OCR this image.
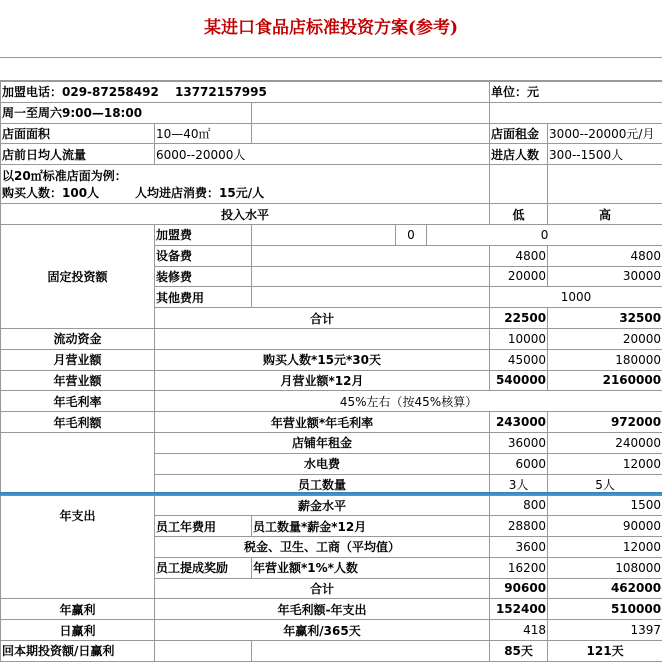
某进口食品店标准投资方案(参考)
加盟电话：029-87258492　 13772157995					单位：元	
周一至周六9:00—18:00						
店面面积	10—40㎡				店面租金	3000--20000元/月
店前日均人流量	6000--20000人				进店人数	300--1500人

以20㎡标准店面为例：
购买人数：100人　　　人均进店消费：15元/人						

投入水平					低	高
固定投资额	加盟费		0	0		
	设备费				4800	4800
	装修费				20000	30000
	其他费用				1000	
	合计				22500	32500
流动资金					10000	20000
月营业额	购买人数*15元*30天				45000	180000
年营业额	月营业额*12月				540000	2160000
年毛利率	45%左右（按45%核算）					
年毛利额	年营业额*年毛利率				243000	972000
年支出	店铺年租金				36000	240000
	水电费				6000	12000
	员工数量				3人	5人
	薪金水平				800	1500
	员工年费用	员工数量*薪金*12月			28800	90000
	税金、卫生、工商（平均值）				3600	12000
	员工提成奖励	年营业额*1%*人数			16200	108000
	合计				90600	462000
年赢利	年毛利额-年支出				152400	510000
日赢利	年赢利/365天				418	1397
回本期投资额/日赢利					85天	121天
